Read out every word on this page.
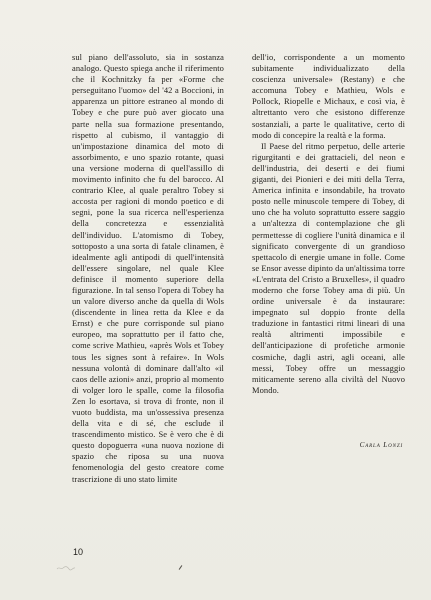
sul piano dell'assoluto, sia in sostanza analogo. Questo spiega anche il riferimento che il Kochnitzky fa per «Forme che perseguitano l'uomo» del '42 a Boccioni, in apparenza un pittore estraneo al mondo di Tobey e che pure può aver giocato una parte nella sua formazione presentando, rispetto al cubismo, il vantaggio di un'impostazione dinamica del moto di assorbimento, e uno spazio rotante, quasi una versione moderna di quell'assillo di movimento infinito che fu del barocco. Al contrario Klee, al quale peraltro Tobey si accosta per ragioni di mondo poetico e di segni, pone la sua ricerca nell'esperienza della concretezza e essenzialità dell'individuo. L'atomismo di Tobey, sottoposto a una sorta di fatale clinamen, è idealmente agli antipodi di quell'intensità dell'essere singolare, nel quale Klee definisce il momento superiore della figurazione. In tal senso l'opera di Tobey ha un valore diverso anche da quella di Wols (discendente in linea retta da Klee e da Ernst) e che pure corrisponde sul piano europeo, ma soprattutto per il fatto che, come scrive Mathieu, «après Wols et Tobey tous les signes sont à refaire». In Wols nessuna volontà di dominare dall'alto «il caos delle azioni» anzi, proprio al momento di volger loro le spalle, come la filosofia Zen lo esortava, si trova di fronte, non il vuoto buddista, ma un'ossessiva presenza della vita e di sé, che esclude il trascendimento mistico. Se è vero che è di questo dopoguerra «una nuova nozione di spazio che riposa su una nuova fenomenologia del gesto creatore come trascrizione di uno stato limite

dell'io, corrispondente a un momento subitamente individualizzato della coscienza universale» (Restany) e che accomuna Tobey e Mathieu, Wols e Pollock, Riopelle e Michaux, e così via, è altrettanto vero che esistono differenze sostanziali, a parte le qualitative, certo di modo di concepire la realtà e la forma.

Il Paese del ritmo perpetuo, delle arterie rigurgitanti e dei grattacieli, del neon e dell'industria, dei deserti e dei fiumi giganti, dei Pionieri e dei miti della Terra, America infinita e insondabile, ha trovato posto nelle minuscole tempere di Tobey, di uno che ha voluto soprattutto essere saggio a un'altezza di contemplazione che gli permettesse di cogliere l'unità dinamica e il significato convergente di un grandioso spettacolo di energie umane in folle. Come se Ensor avesse dipinto da un'altissima torre «L'entrata del Cristo a Bruxelles», il quadro moderno che forse Tobey ama di più. Un ordine universale è da instaurare: impegnato sul doppio fronte della traduzione in fantastici ritmi lineari di una realtà altrimenti impossibile e dell'anticipazione di profetiche armonie cosmiche, dagli astri, agli oceani, alle messi, Tobey offre un messaggio miticamente sereno alla civiltà del Nuovo Mondo.

Carla Lonzi
10
